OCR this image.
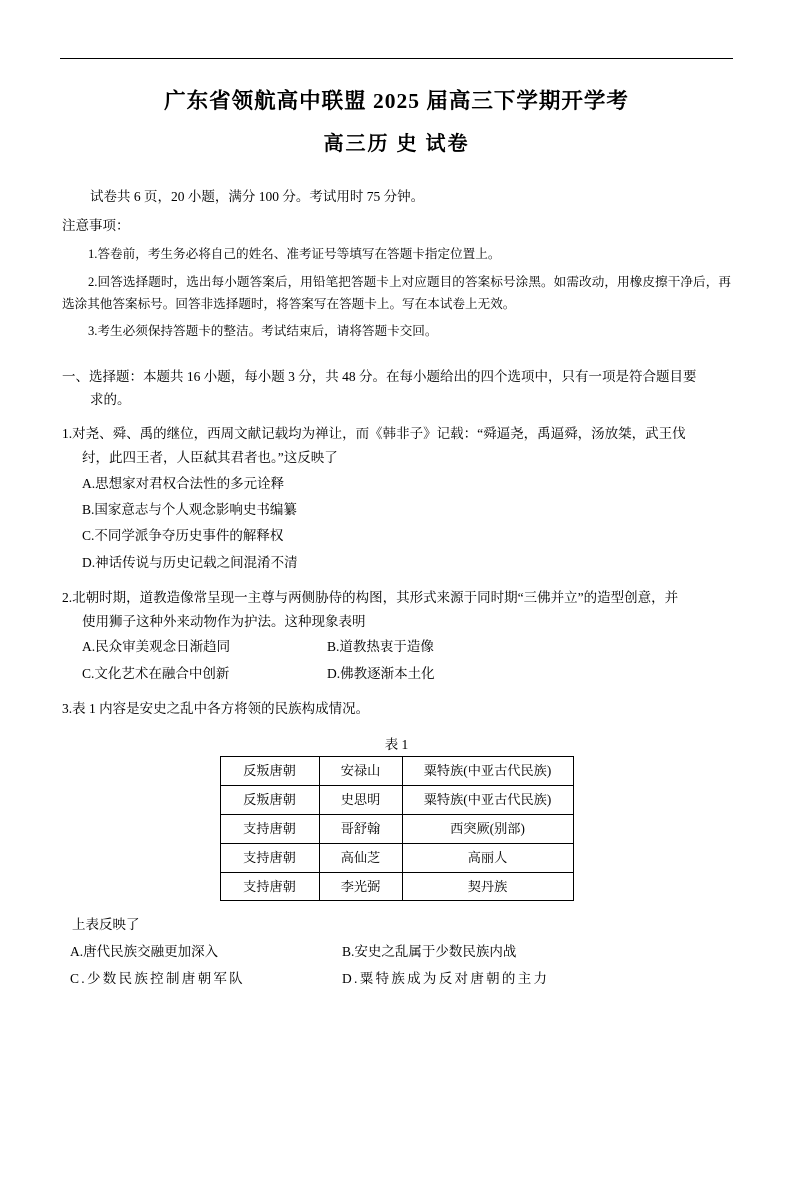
广东省领航高中联盟 2025 届高三下学期开学考
高三历 史 试卷

试卷共 6 页，20 小题，满分 100 分。考试用时 75 分钟。

注意事项：

1.答卷前，考生务必将自己的姓名、准考证号等填写在答题卡指定位置上。

2.回答选择题时，选出每小题答案后，用铅笔把答题卡上对应题目的答案标号涂黑。如需改动，用橡皮擦干净后，再选涂其他答案标号。回答非选择题时，将答案写在答题卡上。写在本试卷上无效。

3.考生必须保持答题卡的整洁。考试结束后，请将答题卡交回。

一、选择题：本题共 16 小题，每小题 3 分，共 48 分。在每小题给出的四个选项中，只有一项是符合题目要

求的。

1.对尧、舜、禹的继位，西周文献记载均为禅让，而《韩非子》记载：“舜逼尧，禹逼舜，汤放桀，武王伐
纣，此四王者，人臣弑其君者也。”这反映了
A.思想家对君权合法性的多元诠释
B.国家意志与个人观念影响史书编纂
C.不同学派争夺历史事件的解释权
D.神话传说与历史记载之间混淆不清
2.北朝时期，道教造像常呈现一主尊与两侧胁侍的构图，其形式来源于同时期“三佛并立”的造型创意，并
使用狮子这种外来动物作为护法。这种现象表明
A.民众审美观念日渐趋同	B.道教热衷于造像
C.文化艺术在融合中创新	D.佛教逐渐本土化
3.表 1 内容是安史之乱中各方将领的民族构成情况。
表 1
反叛唐朝	安禄山	粟特族(中亚古代民族)
反叛唐朝	史思明	粟特族(中亚古代民族)
支持唐朝	哥舒翰	西突厥(别部)
支持唐朝	高仙芝	高丽人
支持唐朝	李光弼	契丹族
上表反映了
A.唐代民族交融更加深入	B.安史之乱属于少数民族内战
C.少数民族控制唐朝军队	D.粟特族成为反对唐朝的主力
